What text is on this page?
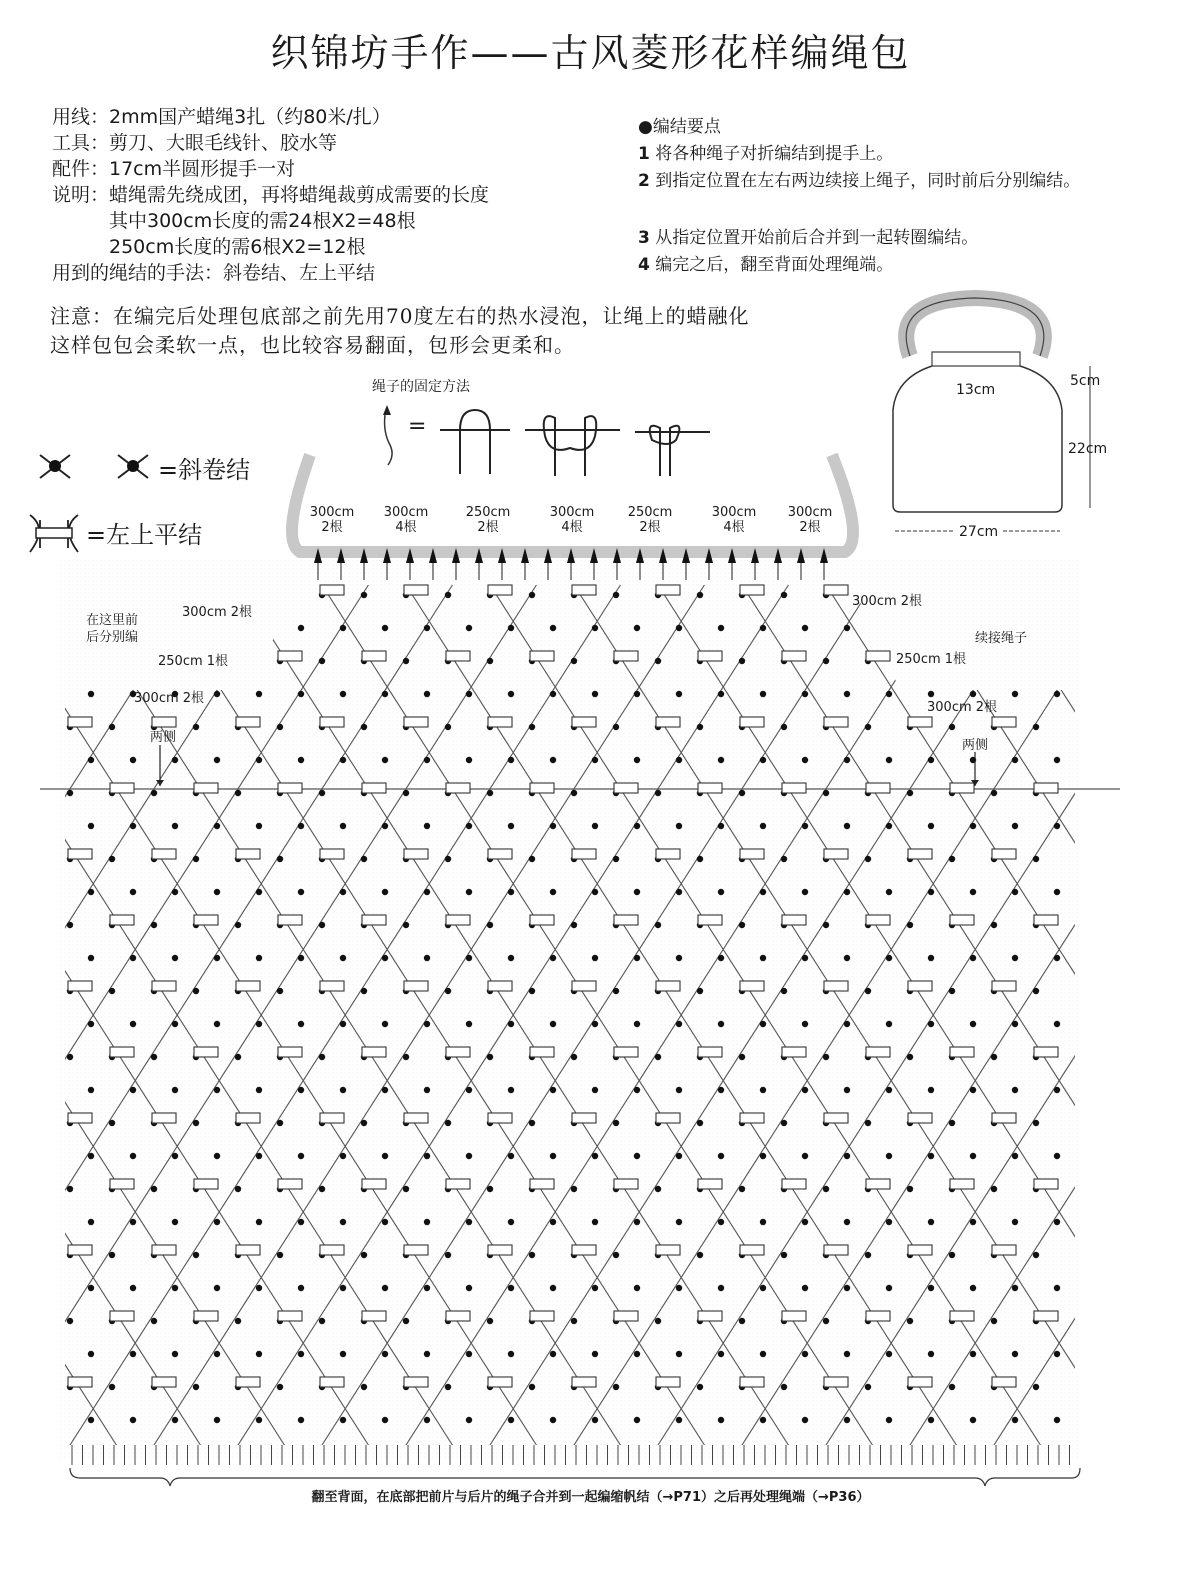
织锦坊手作——古风菱形花样编绳包
用线：2mm国产蜡绳3扎（约80米/扎）
工具：剪刀、大眼毛线针、胶水等
配件：17cm半圆形提手一对
说明：蜡绳需先绕成团，再将蜡绳裁剪成需要的长度
　　　其中300cm长度的需24根X2=48根
　　　250cm长度的需6根X2=12根
用到的绳结的手法：斜卷结、左上平结
注意：在编完后处理包底部之前先用70度左右的热水浸泡，让绳上的蜡融化
这样包包会柔软一点，也比较容易翻面，包形会更柔和。
●编结要点
1 将各种绳子对折编结到提手上。
2 到指定位置在左右两边续接上绳子，同时前后分别编结。
3 从指定位置开始前后合并到一起转圈编结。
4 编完之后，翻至背面处理绳端。
绳子的固定方法
=
=斜卷结
=左上平结
300cm
2根
300cm
4根
250cm
2根
300cm
4根
250cm
2根
300cm
4根
300cm
2根
在这里前
后分别编
300cm 2根
250cm 1根
300cm 2根
两侧
300cm 2根
续接绳子
250cm 1根
300cm 2根
两侧
13cm
5cm
22cm
27cm
翻至背面，在底部把前片与后片的绳子合并到一起编缩帆结（→P71）之后再处理绳端（→P36）
